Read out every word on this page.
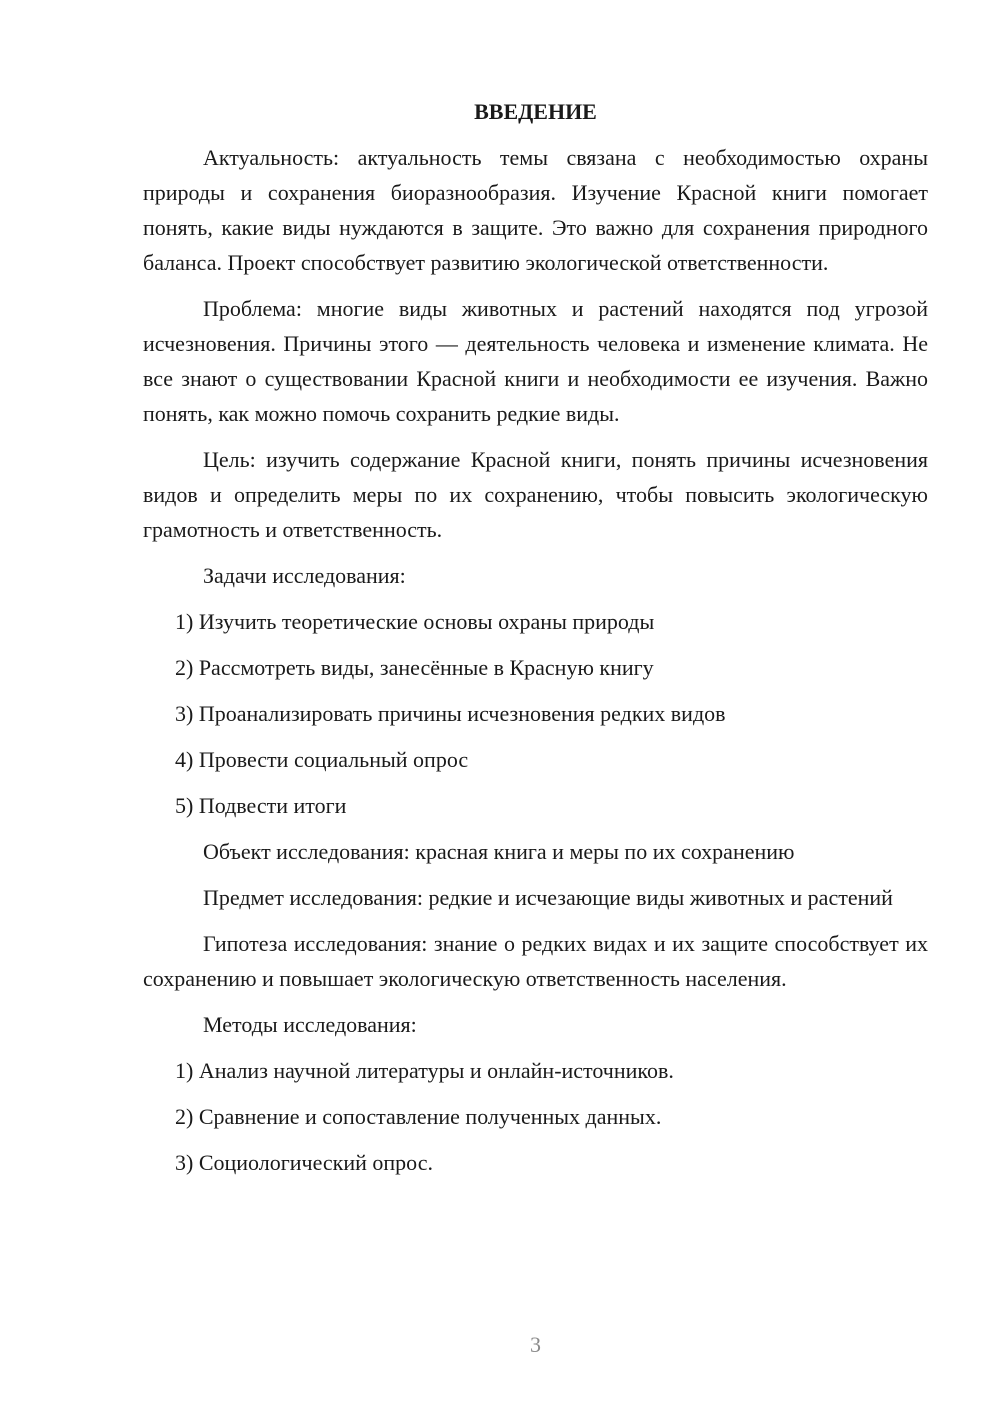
ВВЕДЕНИЕ

Актуальность: актуальность темы связана с необходимостью охраны природы и сохранения биоразнообразия. Изучение Красной книги помогает понять, какие виды нуждаются в защите. Это важно для сохранения природного баланса. Проект способствует развитию экологической ответственности.

Проблема: многие виды животных и растений находятся под угрозой исчезновения. Причины этого — деятельность человека и изменение климата. Не все знают о существовании Красной книги и необходимости ее изучения. Важно понять, как можно помочь сохранить редкие виды.

Цель: изучить содержание Красной книги, понять причины исчезновения видов и определить меры по их сохранению, чтобы повысить экологическую грамотность и ответственность.

Задачи исследования:
1) Изучить теоретические основы охраны природы
2) Рассмотреть виды, занесённые в Красную книгу
3) Проанализировать причины исчезновения редких видов
4) Провести социальный опрос
5) Подвести итоги
Объект исследования: красная книга и меры по их сохранению

Предмет исследования: редкие и исчезающие виды животных и растений

Гипотеза исследования: знание о редких видах и их защите способствует их сохранению и повышает экологическую ответственность населения.

Методы исследования:
1) Анализ научной литературы и онлайн-источников.
2) Сравнение и сопоставление полученных данных.
3) Социологический опрос.
3
